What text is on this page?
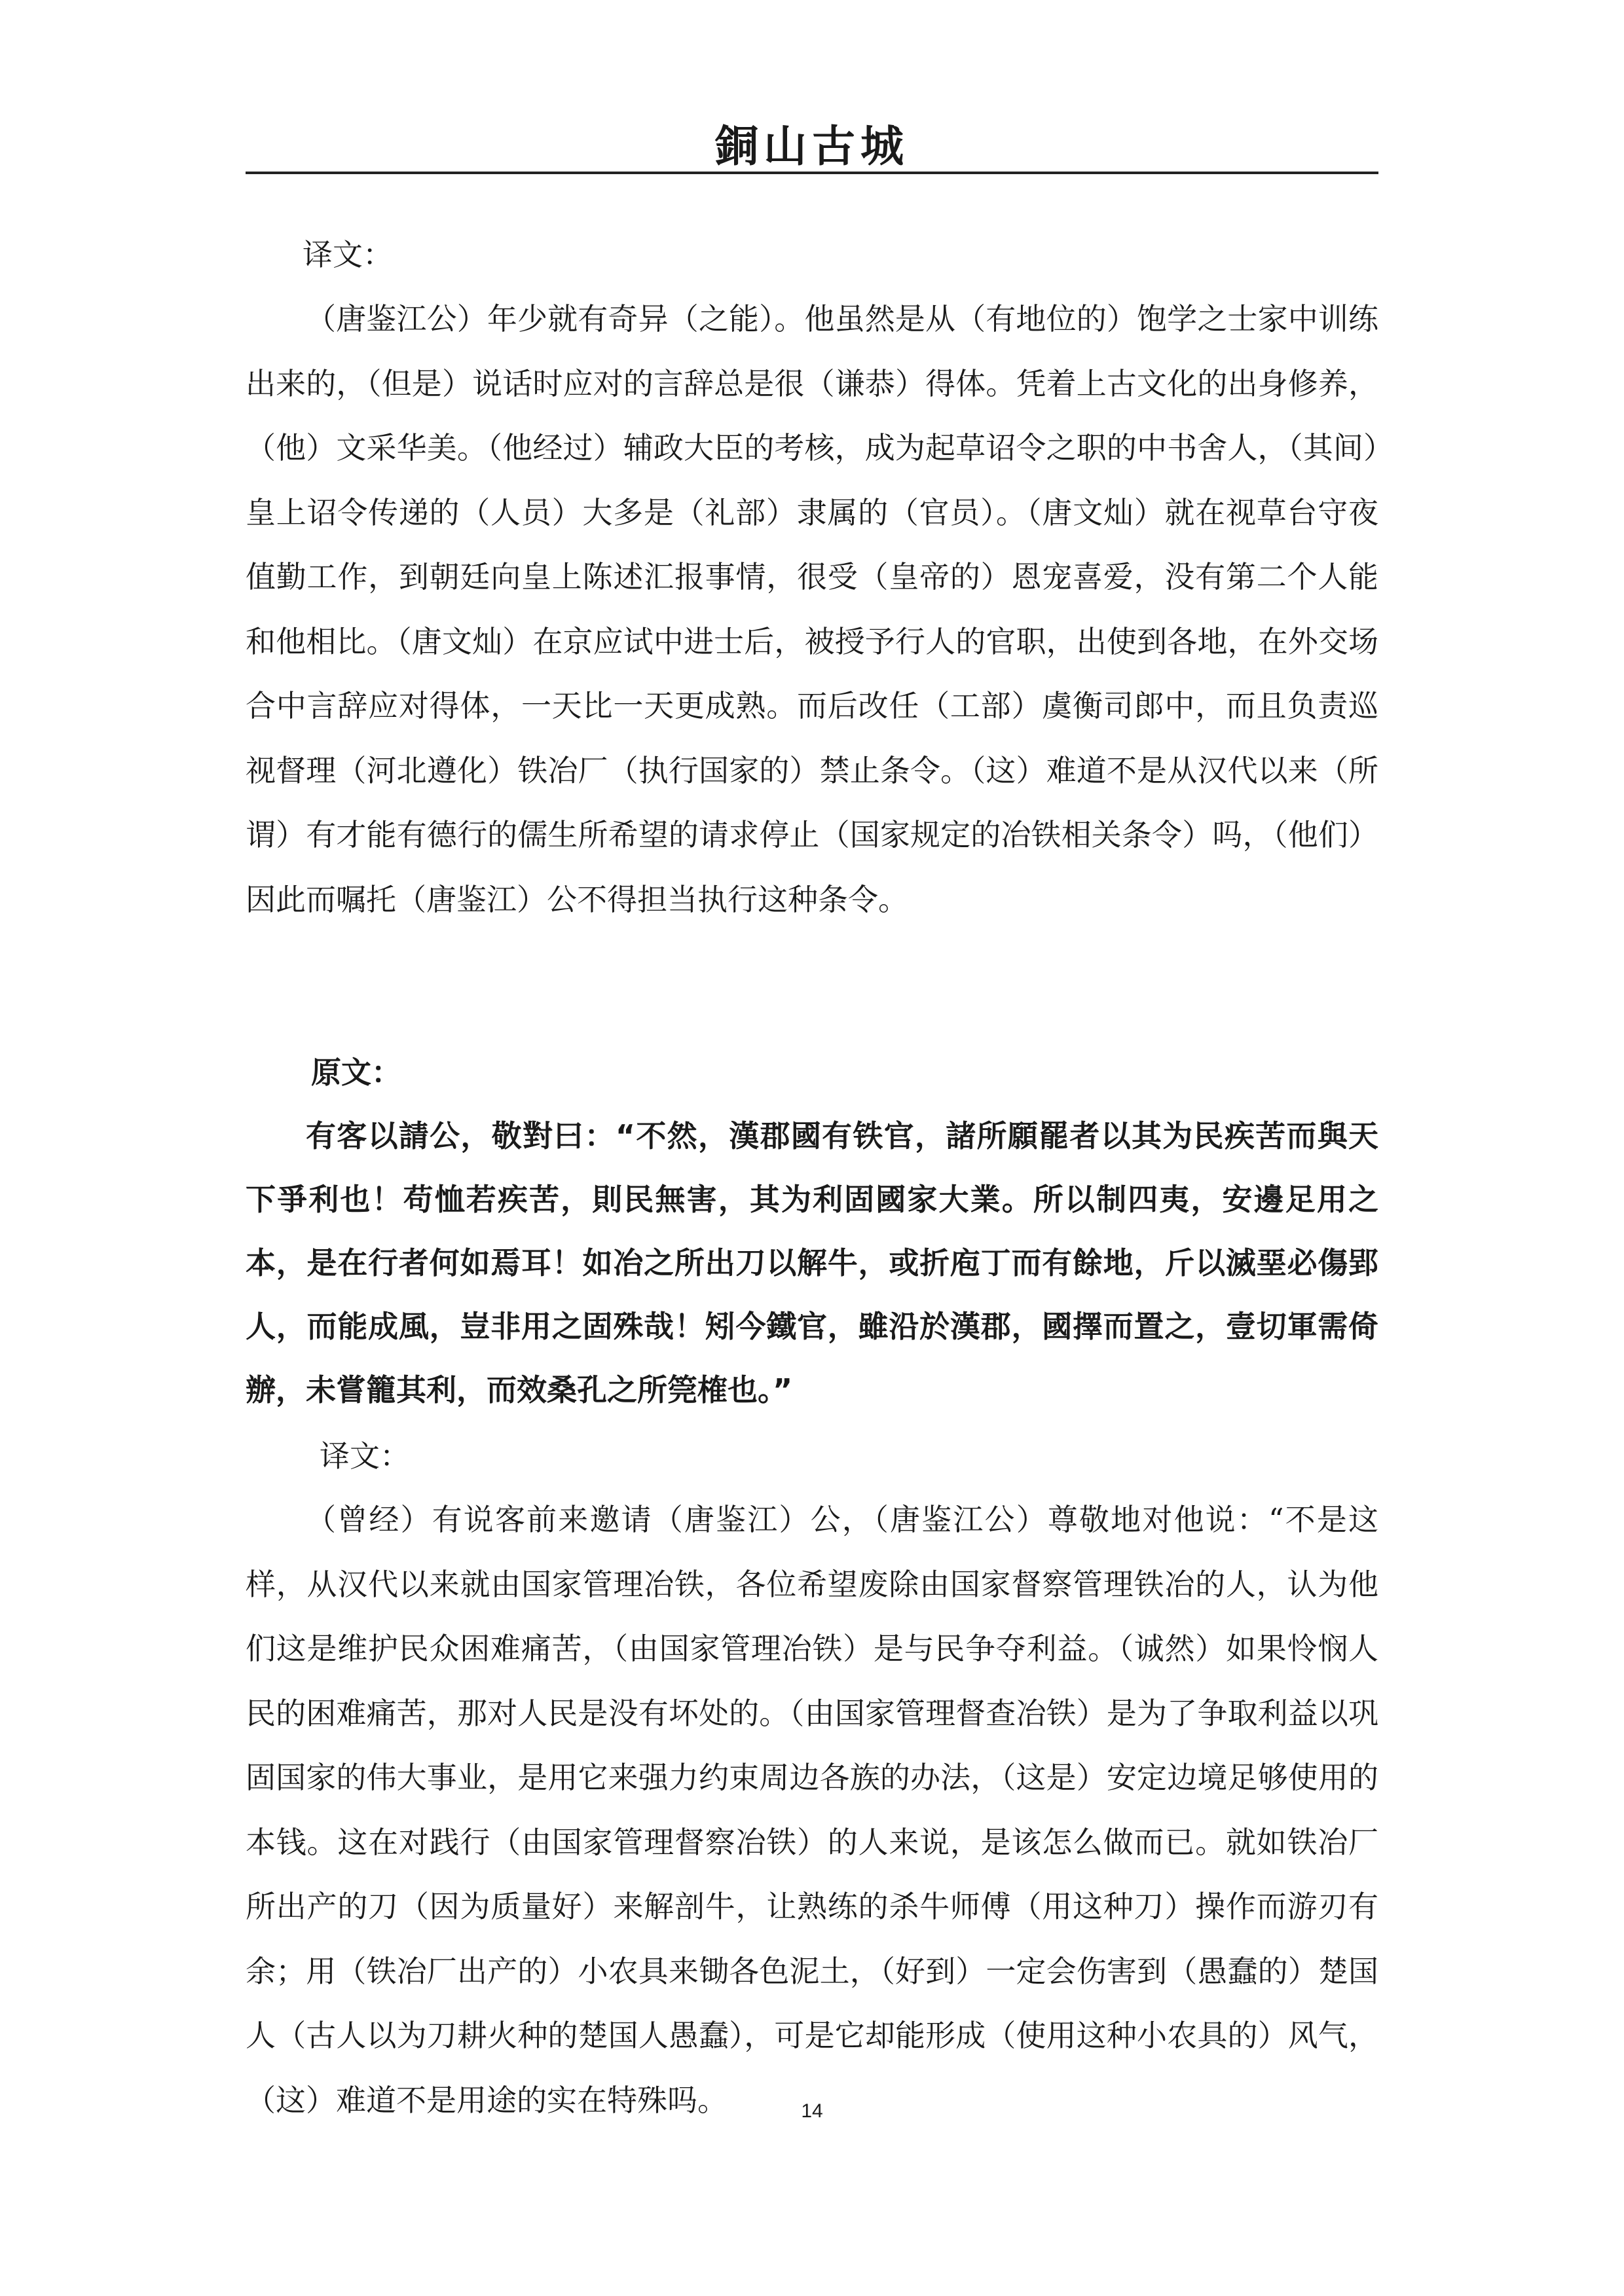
銅山古城

译文：

（唐鉴江公）年少就有奇异（之能）。他虽然是从（有地位的）饱学之士家中训练出来的，（但是）说话时应对的言辞总是很（谦恭）得体。凭着上古文化的出身修养，（他）文采华美。（他经过）辅政大臣的考核，成为起草诏令之职的中书舍人，（其间）皇上诏令传递的（人员）大多是（礼部）隶属的（官员）。（唐文灿）就在视草台守夜值勤工作，到朝廷向皇上陈述汇报事情，很受（皇帝的）恩宠喜爱，没有第二个人能和他相比。（唐文灿）在京应试中进士后，被授予行人的官职，出使到各地，在外交场合中言辞应对得体，一天比一天更成熟。而后改任（工部）虞衡司郎中，而且负责巡视督理（河北遵化）铁冶厂（执行国家的）禁止条令。（这）难道不是从汉代以来（所谓）有才能有德行的儒生所希望的请求停止（国家规定的冶铁相关条令）吗，（他们）因此而嘱托（唐鉴江）公不得担当执行这种条令。

原文：

有客以請公，敬對曰：“不然，漢郡國有铁官，諸所願罷者以其为民疾苦而與天下爭利也！苟恤若疾苦，則民無害，其为利固國家大業。所以制四夷，安邊足用之本，是在行者何如焉耳！如冶之所出刀以解牛，或折庖丁而有餘地，斤以滅堊必傷郢人，而能成風，豈非用之固殊哉！矧今鐵官，雖沿於漢郡，國擇而置之，壹切軍需倚辦，未嘗籠其利，而效桑孔之所筦榷也。”

译文：

（曾经）有说客前来邀请（唐鉴江）公，（唐鉴江公）尊敬地对他说：“不是这样，从汉代以来就由国家管理冶铁，各位希望废除由国家督察管理铁冶的人，认为他们这是维护民众困难痛苦，（由国家管理冶铁）是与民争夺利益。（诚然）如果怜悯人民的困难痛苦，那对人民是没有坏处的。（由国家管理督查冶铁）是为了争取利益以巩固国家的伟大事业，是用它来强力约束周边各族的办法，（这是）安定边境足够使用的本钱。这在对践行（由国家管理督察冶铁）的人来说，是该怎么做而已。就如铁冶厂所出产的刀（因为质量好）来解剖牛，让熟练的杀牛师傅（用这种刀）操作而游刃有余；用（铁冶厂出产的）小农具来锄各色泥土，（好到）一定会伤害到（愚蠢的）楚国人（古人以为刀耕火种的楚国人愚蠢），可是它却能形成（使用这种小农具的）风气，（这）难道不是用途的实在特殊吗。	14
